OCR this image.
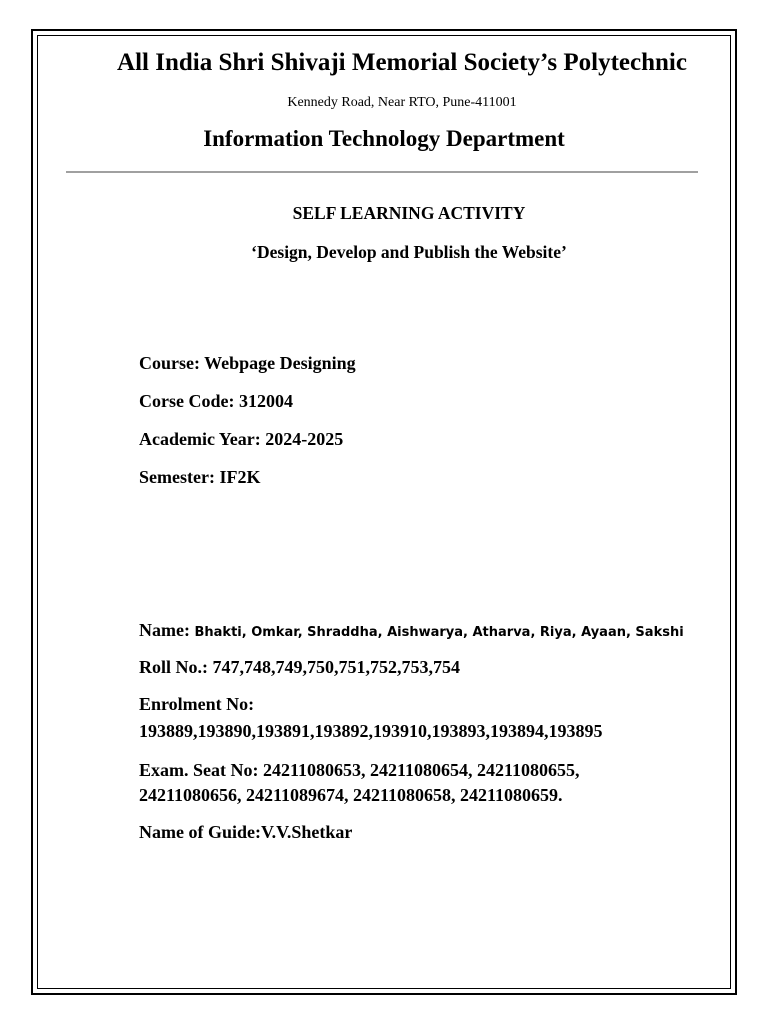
All India Shri Shivaji Memorial Society’s Polytechnic

Kennedy Road, Near RTO, Pune-411001

Information Technology Department

SELF LEARNING ACTIVITY

‘Design, Develop and Publish the Website’

Course: Webpage Designing

Corse Code: 312004

Academic Year: 2024-2025

Semester: IF2K

Name: Bhakti, Omkar, Shraddha, Aishwarya, Atharva, Riya, Ayaan, Sakshi

Roll No.: 747,748,749,750,751,752,753,754

Enrolment No:

193889,193890,193891,193892,193910,193893,193894,193895

Exam. Seat No: 24211080653, 24211080654, 24211080655,

24211080656, 24211089674, 24211080658, 24211080659.

Name of Guide:V.V.Shetkar
